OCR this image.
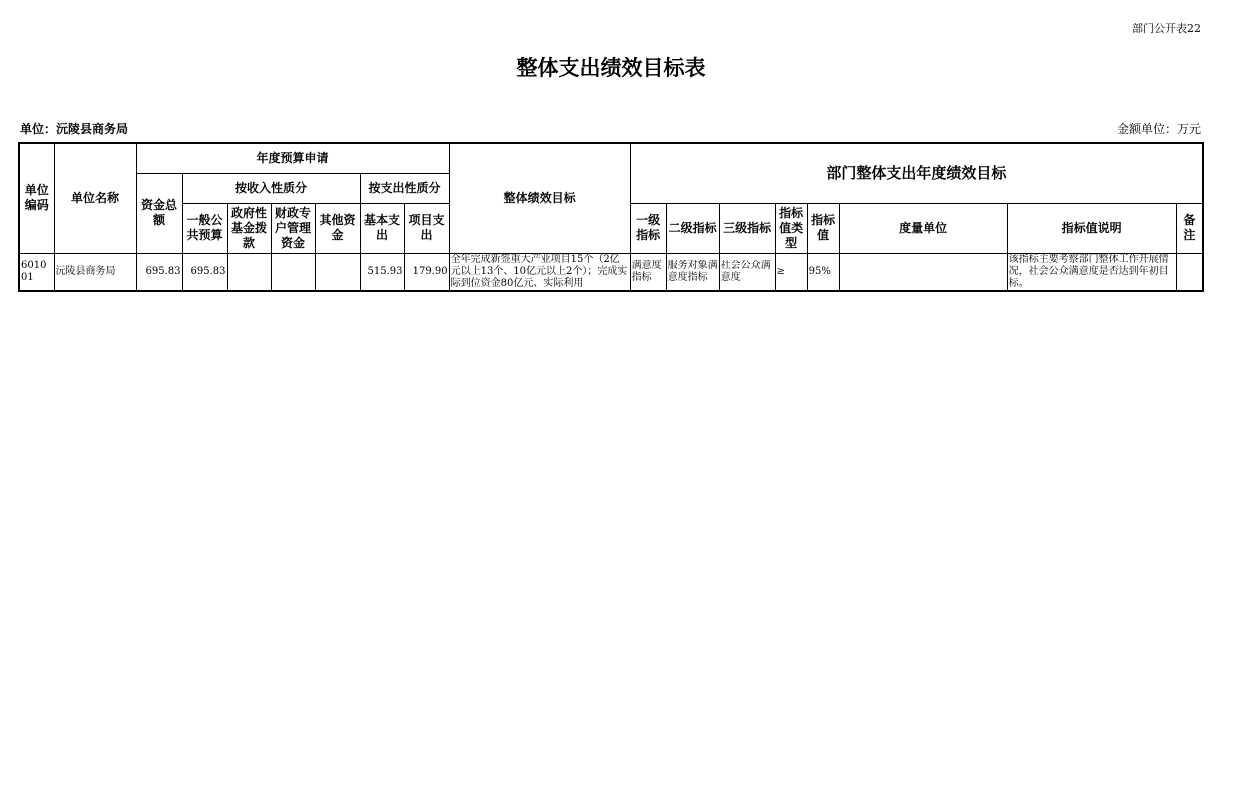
部门公开表22
整体支出绩效目标表
单位：沅陵县商务局	金额单位：万元
单位编码	单位名称	年度预算申请							整体绩效目标	部门整体支出年度绩效目标							
		资金总额	按收入性质分				按支出性质分										
			一般公共预算	政府性基金拨款	财政专户管理资金	其他资金	基本支出	项目支出		一级指标	二级指标	三级指标	指标值类型	指标值	度量单位	指标值说明	备注

601001	沅陵县商务局	695.83	695.83				515.93	179.90	全年完成新签重大产业项目15个（2亿元以上13个、10亿元以上2个）；完成实际到位资金80亿元、实际利用	满意度指标	服务对象满意度指标	社会公众满意度	≥	95%		该指标主要考察部门整体工作开展情况，社会公众满意度是否达到年初目标。	
